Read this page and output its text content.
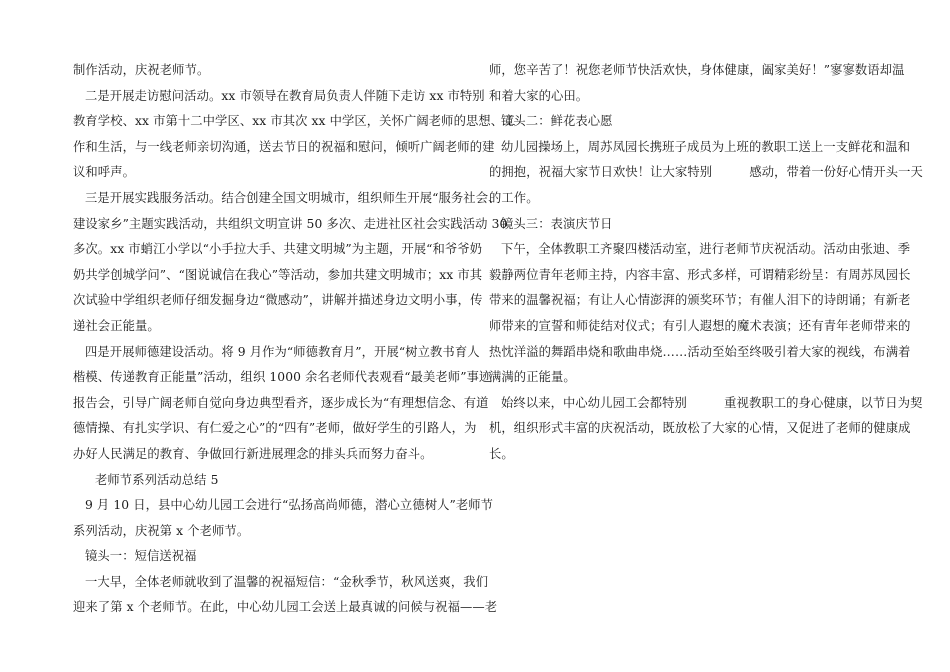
制作活动，庆祝老师节。
二是开展走访慰问活动。xx 市领导在教育局负责人伴随下走访 xx 市特别
教育学校、xx 市第十二中学区、xx 市其次 xx 中学区，关怀广阔老师的思想、工
作和生活，与一线老师亲切沟通，送去节日的祝福和慰问，倾听广阔老师的建
议和呼声。
三是开展实践服务活动。结合创建全国文明城市，组织师生开展“服务社会、
建设家乡”主题实践活动，共组织文明宣讲 50 多次、走进社区社会实践活动 30
多次。xx 市蛸江小学以“小手拉大手、共建文明城”为主题，开展“和爷爷奶
奶共学创城学问”、“图说诚信在我心”等活动，参加共建文明城市；xx 市其
次试验中学组织老师仔细发掘身边“微感动”，讲解并描述身边文明小事，传
递社会正能量。
四是开展师德建设活动。将 9 月作为“师德教育月”，开展“树立教书育人
楷模、传递教育正能量”活动，组织 1000 余名老师代表观看“最美老师”事迹
报告会，引导广阔老师自觉向身边典型看齐，逐步成长为“有理想信念、有道
德情操、有扎实学识、有仁爱之心”的“四有”老师，做好学生的引路人，为
办好人民满足的教育、争做回行新进展理念的排头兵而努力奋斗。
老师节系列活动总结 5
9 月 10 日，县中心幼儿园工会进行“弘扬高尚师德，潜心立德树人”老师节
系列活动，庆祝第 x 个老师节。
镜头一：短信送祝福
一大早，全体老师就收到了温馨的祝福短信：“金秋季节，秋风送爽，我们
迎来了第 x 个老师节。在此，中心幼儿园工会送上最真诚的问候与祝福——老
师，您辛苦了！祝您老师节快活欢快，身体健康，阖家美好！”寥寥数语却温
和着大家的心田。
镜头二：鲜花表心愿
幼儿园操场上，周苏凤园长携班子成员为上班的教职工送上一支鲜花和温和
的拥抱，祝福大家节日欢快！让大家特别　　　感动，带着一份好心情开头一天
的工作。
镜头三：表演庆节日
下午，全体教职工齐聚四楼活动室，进行老师节庆祝活动。活动由张迪、季
毅静两位青年老师主持，内容丰富、形式多样，可谓精彩纷呈：有周苏凤园长
带来的温馨祝福；有让人心情澎湃的颁奖环节；有催人泪下的诗朗诵；有新老
师带来的宣誓和师徒结对仪式；有引人遐想的魔术表演；还有青年老师带来的
热忱洋溢的舞蹈串烧和歌曲串烧……活动至始至终吸引着大家的视线，布满着
满满的正能量。
始终以来，中心幼儿园工会都特别　　　重视教职工的身心健康，以节日为契
机，组织形式丰富的庆祝活动，既放松了大家的心情，又促进了老师的健康成
长。
